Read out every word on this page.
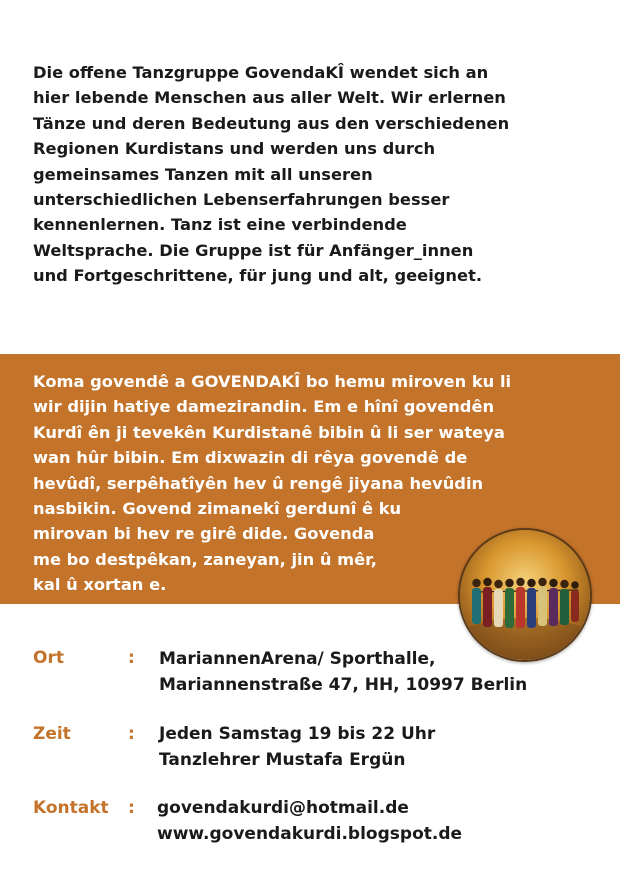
Die offene Tanzgruppe GovendaKÎ wendet sich an
hier lebende Menschen aus aller Welt. Wir erlernen
Tänze und deren Bedeutung aus den verschiedenen
Regionen Kurdistans und werden uns durch
gemeinsames Tanzen mit all unseren
unterschiedlichen Lebenserfahrungen besser
kennenlernen. Tanz ist eine verbindende
Weltsprache. Die Gruppe ist für Anfänger_innen
und Fortgeschrittene, für jung und alt, geeignet.
Koma govendê a GOVENDAKÎ bo hemu miroven ku li
wir dijin hatiye damezirandin. Em e hînî govendên
Kurdî ên ji tevekên Kurdistanê bibin û li ser wateya
wan hûr bibin. Em dixwazin di rêya govendê de
hevûdî, serpêhatîyên hev û rengê jiyana hevûdin
nasbikin. Govend zimanekî gerdunî ê ku
mirovan bi hev re girê dide. Govenda
me bo destpêkan, zaneyan, jin û mêr,
kal û xortan e.
Ort	: MariannenArena/ Sporthalle,
Mariannenstraße 47, HH, 10997 Berlin
Zeit	: Jeden Samstag 19 bis 22 Uhr
Tanzlehrer Mustafa Ergün
Kontakt : govendakurdi@hotmail.de
www.govendakurdi.blogspot.de
